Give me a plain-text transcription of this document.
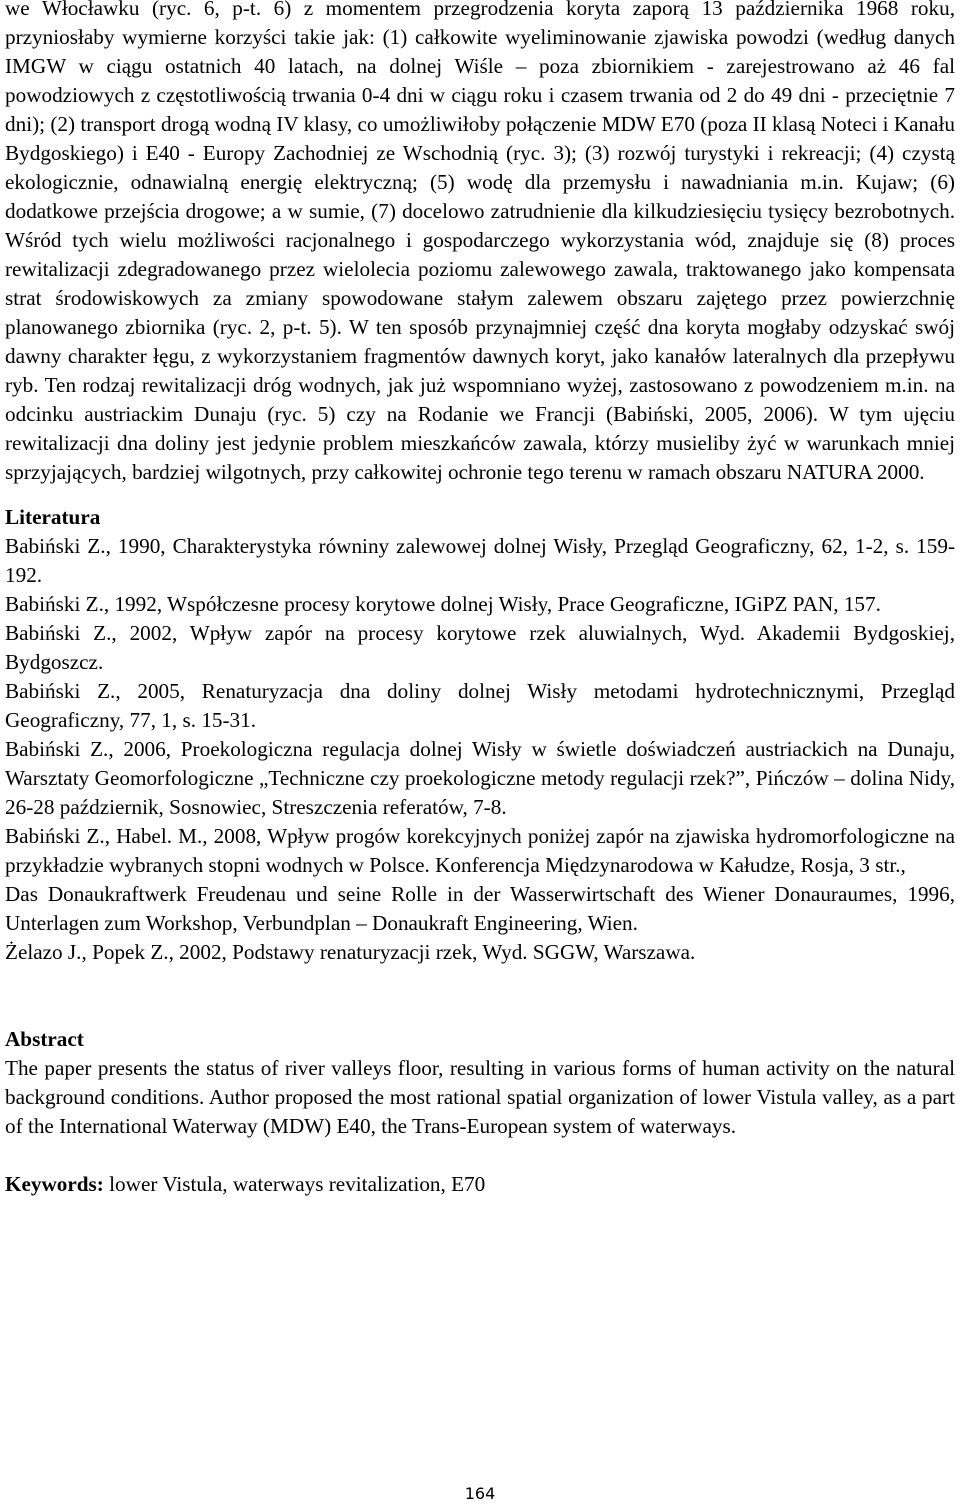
we Włocławku (ryc. 6, p-t. 6) z momentem przegrodzenia koryta zaporą 13 października 1968 roku, przyniosłaby wymierne korzyści takie jak: (1) całkowite wyeliminowanie zjawiska powodzi (według danych IMGW w ciągu ostatnich 40 latach, na dolnej Wiśle – poza zbiornikiem - zarejestrowano aż 46 fal powodziowych z częstotliwością trwania 0-4 dni w ciągu roku i czasem trwania od 2 do 49 dni - przeciętnie 7 dni); (2) transport drogą wodną IV klasy, co umożliwiłoby połączenie MDW E70 (poza II klasą Noteci i Kanału Bydgoskiego) i E40 - Europy Zachodniej ze Wschodnią (ryc. 3); (3) rozwój turystyki i rekreacji; (4) czystą ekologicznie, odnawialną energię elektryczną; (5) wodę dla przemysłu i nawadniania m.in. Kujaw; (6) dodatkowe przejścia drogowe; a w sumie, (7) docelowo zatrudnienie dla kilkudziesięciu tysięcy bezrobotnych. Wśród tych wielu możliwości racjonalnego i gospodarczego wykorzystania wód, znajduje się (8) proces rewitalizacji zdegradowanego przez wielolecia poziomu zalewowego zawala, traktowanego jako kompensata strat środowiskowych za zmiany spowodowane stałym zalewem obszaru zajętego przez powierzchnię planowanego zbiornika (ryc. 2, p-t. 5). W ten sposób przynajmniej część dna koryta mogłaby odzyskać swój dawny charakter łęgu, z wykorzystaniem fragmentów dawnych koryt, jako kanałów lateralnych dla przepływu ryb. Ten rodzaj rewitalizacji dróg wodnych, jak już wspomniano wyżej, zastosowano z powodzeniem m.in. na odcinku austriackim Dunaju (ryc. 5) czy na Rodanie we Francji (Babiński, 2005, 2006). W tym ujęciu rewitalizacji dna doliny jest jedynie problem mieszkańców zawala, którzy musieliby żyć w warunkach mniej sprzyjających, bardziej wilgotnych, przy całkowitej ochronie tego terenu w ramach obszaru NATURA 2000.

Literatura

Babiński Z., 1990, Charakterystyka równiny zalewowej dolnej Wisły, Przegląd Geograficzny, 62, 1-2, s. 159-192.

Babiński Z., 1992, Współczesne procesy korytowe dolnej Wisły, Prace Geograficzne, IGiPZ PAN, 157.

Babiński Z., 2002, Wpływ zapór na procesy korytowe rzek aluwialnych, Wyd. Akademii Bydgoskiej, Bydgoszcz.

Babiński Z., 2005, Renaturyzacja dna doliny dolnej Wisły metodami hydrotechnicznymi, Przegląd Geograficzny, 77, 1, s. 15-31.

Babiński Z., 2006, Proekologiczna regulacja dolnej Wisły w świetle doświadczeń austriackich na Dunaju, Warsztaty Geomorfologiczne „Techniczne czy proekologiczne metody regulacji rzek?”, Pińczów – dolina Nidy, 26-28 październik, Sosnowiec, Streszczenia referatów, 7-8.

Babiński Z., Habel. M., 2008, Wpływ progów korekcyjnych poniżej zapór na zjawiska hydromorfologiczne na przykładzie wybranych stopni wodnych w Polsce. Konferencja Międzynarodowa w Kałudze, Rosja, 3 str.,

Das Donaukraftwerk Freudenau und seine Rolle in der Wasserwirtschaft des Wiener Donauraumes, 1996, Unterlagen zum Workshop, Verbundplan – Donaukraft Engineering, Wien.

Żelazo J., Popek Z., 2002, Podstawy renaturyzacji rzek, Wyd. SGGW, Warszawa.

Abstract

The paper presents the status of river valleys floor, resulting in various forms of human activity on the natural background conditions. Author proposed the most rational spatial organization of lower Vistula valley, as a part of the International Waterway (MDW) E40, the Trans-European system of waterways.

Keywords: lower Vistula, waterways revitalization, E70

164
